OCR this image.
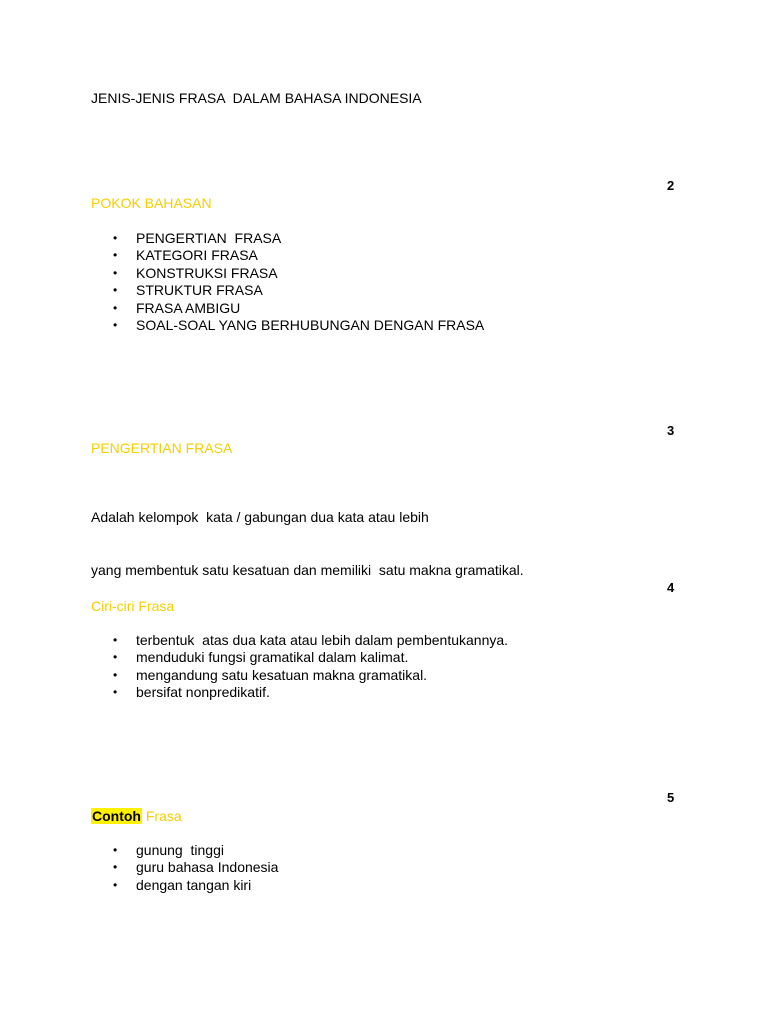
JENIS-JENIS FRASA  DALAM BAHASA INDONESIA
2
POKOK BAHASAN
• PENGERTIAN  FRASA
• KATEGORI FRASA
• KONSTRUKSI FRASA
• STRUKTUR FRASA
• FRASA AMBIGU
• SOAL-SOAL YANG BERHUBUNGAN DENGAN FRASA
3
PENGERTIAN FRASA

Adalah kelompok  kata / gabungan dua kata atau lebih

yang membentuk satu kesatuan dan memiliki  satu makna gramatikal.

4
Ciri-ciri Frasa
• terbentuk  atas dua kata atau lebih dalam pembentukannya.
• menduduki fungsi gramatikal dalam kalimat.
• mengandung satu kesatuan makna gramatikal.
• bersifat nonpredikatif.
5
Contoh Frasa
• gunung  tinggi
• guru bahasa Indonesia
• dengan tangan kiri
